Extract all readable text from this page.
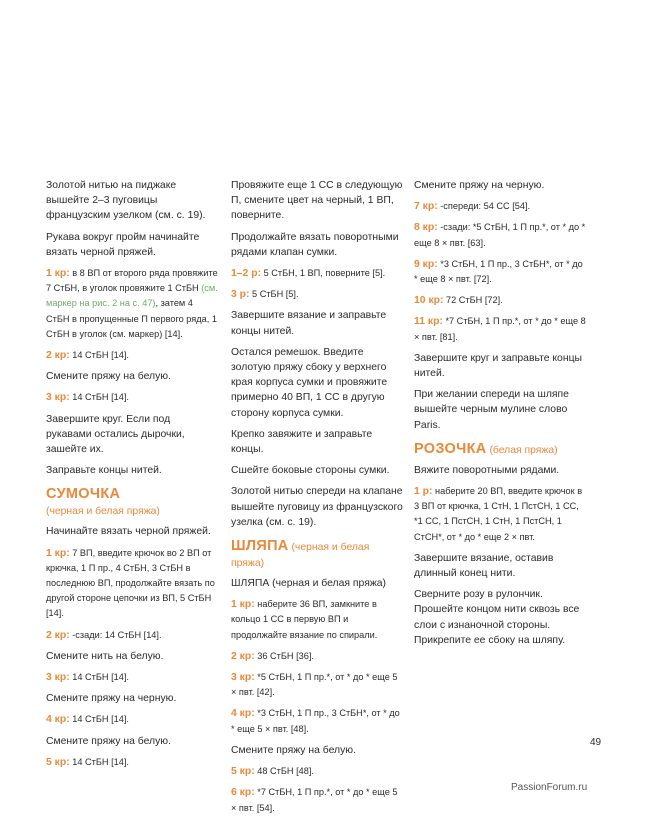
Золотой нитью на пиджаке вышейте 2–3 пуговицы французским узелком (см. с. 19).

Рукава вокруг пройм начинайте вязать черной пряжей.

1 кр: в 8 ВП от второго ряда провяжите 7 СтБН, в уголок провяжите 1 СтБН (см. маркер на рис. 2 на с. 47), затем 4 СтБН в пропущенные П первого ряда, 1 СтБН в уголок (см. маркер) [14].

2 кр: 14 СтБН [14].

Смените пряжу на белую.

3 кр: 14 СтБН [14].

Завершите круг. Если под рукавами остались дырочки, зашейте их.

Заправьте концы нитей.

СУМОЧКА
(черная и белая пряжа)

Начинайте вязать черной пряжей.

1 кр: 7 ВП, введите крючок во 2 ВП от крючка, 1 П пр., 4 СтБН, 3 СтБН в последнюю ВП, продолжайте вязать по другой стороне цепочки из ВП, 5 СтБН [14].

2 кр: -сзади: 14 СтБН [14].

Смените нить на белую.

3 кр: 14 СтБН [14].

Смените пряжу на черную.

4 кр: 14 СтБН [14].

Смените пряжу на белую.

5 кр: 14 СтБН [14].

Провяжите еще 1 СС в следующую П, смените цвет на черный, 1 ВП, поверните.

Продолжайте вязать поворотными рядами клапан сумки.

1–2 р: 5 СтБН, 1 ВП, поверните [5].

3 р: 5 СтБН [5].

Завершите вязание и заправьте концы нитей.

Остался ремешок. Введите золотую пряжу сбоку у верхнего края корпуса сумки и провяжите примерно 40 ВП, 1 СС в другую сторону корпуса сумки.

Крепко завяжите и заправьте концы.

Сшейте боковые стороны сумки.

Золотой нитью спереди на клапане вышейте пуговицу из французского узелка (см. с. 19).

ШЛЯПА (черная и белая пряжа)

ШЛЯПА (черная и белая пряжа)

1 кр: наберите 36 ВП, замкните в кольцо 1 СС в первую ВП и продолжайте вязание по спирали.

2 кр: 36 СтБН [36].

3 кр: *5 СтБН, 1 П пр.*, от * до * еще 5 × пвт. [42].

4 кр: *3 СтБН, 1 П пр., 3 СтБН*, от * до * еще 5 × пвт. [48].

Смените пряжу на белую.

5 кр: 48 СтБН [48].

6 кр: *7 СтБН, 1 П пр.*, от * до * еще 5 × пвт. [54].

Смените пряжу на черную.

7 кр: -спереди: 54 СС [54].

8 кр: -сзади: *5 СтБН, 1 П пр.*, от * до * еще 8 × пвт. [63].

9 кр: *3 СтБН, 1 П пр., 3 СтБН*, от * до * еще 8 × пвт. [72].

10 кр: 72 СтБН [72].

11 кр: *7 СтБН, 1 П пр.*, от * до * еще 8 × пвт. [81].

Завершите круг и заправьте концы нитей.

При желании спереди на шляпе вышейте черным мулине слово Paris.

РОЗОЧКА (белая пряжа)

Вяжите поворотными рядами.

1 р: наберите 20 ВП, введите крючок в 3 ВП от крючка, 1 СтН, 1 ПстСН, 1 СС, *1 СС, 1 ПстСН, 1 СтН, 1 ПстСН, 1 СтСН*, от * до * еще 2 × пвт.

Завершите вязание, оставив длинный конец нити.

Сверните розу в рулончик. Прошейте концом нити сквозь все слои с изнаночной стороны. Прикрепите ее сбоку на шляпу.

49
PassionForum.ru
